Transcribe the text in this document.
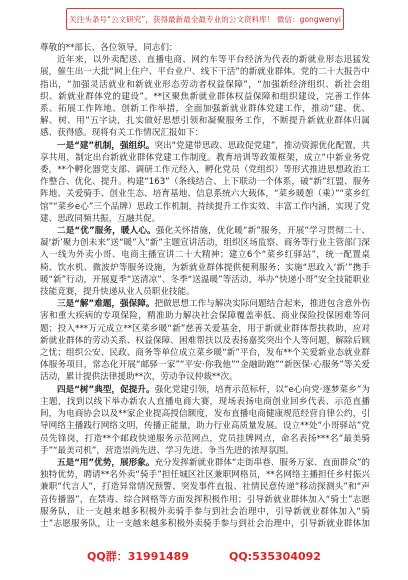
关注头条号“公文研究”，获得最新最全最专业的公文资料库！ 微信：gongwenyi

尊敬的**部长、各位领导，同志们：

近年来，以外卖配送、直播电商、网约车等平台经济为代表的新就业形态迅猛发展，催生出一大批“网上住户、平台业户、线下干活”的新就业群体。党的二十大报告中指出，“加强灵活就业和新就业形态劳动者权益保障”，“加强新经济组织、新社会组织、新就业群体党的建设”。**区聚焦新就业群体权益保障和组织建设，完善工作体系、拓展工作阵地、创新工作举措，全面加强新就业群体党建工作，推动“建、优、解、树、用”五字诀，扎实做好思想引领和凝聚服务工作，不断提升新就业群体归属感、获得感。现将有关工作情况汇报如下：

一是“建”机制，强组织。突出“党建带思政、思政促党建”，推动资源优化配置，共享共用，制定出台新就业群体党建工作制度。教育培训等政策框架，成立“中新业务党委，**个孵化器党支部、调研工作元经入，孵化党员（党组织）等形式推进思想政治工作整合、优化、提升。构建“163”（条线结合、上下联动一个体系，破“新”红盟、服务阵地、关爱骑手、创业生态、培育基地、信息系统六大载体，“菜乡暖憩（乘）”“菜乡红馆”“菜乡e心”三个品牌）思政工作机制，持续提升工作实效、丰富工作内涵，实现了党建、思政同频共振，互融共促。

二是“优”服务，暖人心。强化关怀措施，优化暖“新”服务，开展“学习贯彻二十、凝‘新’聚力创未来”送“暖”入“新”主题宣讲活动，组织区场监察、商务等行业主管部门深入一线为外卖小哥、电商主播宣讲二十大精神；建立6个“菜乡红驿站”，统一配置桌椅、饮水机、微波炉等服务设施，为新就业群体提供便利服务；实施“思政入‘新’”携手暖“新”行动，开展夏季“送清凉”、冬季“送温暖”等活动，举办“快递小哥”安全技能职业技能竞赛，提升快递从业人员职业技能。

三是“解”难题，强保障。把做思想工作与解决实际问题结合起来，推进包含意外伤害和重大疾病的专项保险，精准助力解决社会保障覆盖率低、商业保险投保困难等问题；投入***万元成立**区菜乡暖“新”慈善关爱基金，用于新就业群体帮扶救助，应对新就业群体的劳动关系、权益保障、困难帮扶以及表扬嘉奖突出个人等问题，解除后顾之忧；组织公安、民政、商务等单位成立菜乡暖“新”平台，发布**个关爱新业态就业群体服务项目，常态化开展“邮驿一家”“平安·你我他”“金融助跑”“新医保·心服务”等关爱活动，累计提供法律援助**次，劳动争议仲裁**次。

四是“树”典型，促提升。强化党建引领，培育示范标杆，以“e心向党·逐梦菜乡”为主题，找到以线下举办新农人直播电商大赛，现场表扬电商创业回乡代表、示范直播间，为电商协会以及**家企业提高授信额度，发布直播电商健康规范经营自律公约，引导网络主播践行网络文明，传播正能量，助力行业高质量发展。设立**处“小哥驿站”党员先锋岗，打造**个邮政快递服务示范网点，党员挂牌网点，命名表扬***名“最美骑手”“最美司机”，营造崇尚先进、学习先进、争当先进的浓厚氛围。

五是“用”优势，展形象。充分发挥新就业群体“走街串巷、服务万家、直面群众”的独特优势，聘请**名外卖“骑手”担任城区社区兼职网格员，**名网络主播担任乡村振兴兼职“代言人”，打造异常情况预警、突发事件直报、社情民意传递“移动探测头”和“声音传播器”，在禁毒、综合网格等方面发挥积极作用；引导新就业群体加入“骑士”志愿服务队，让一支越来越多积极外卖骑手参与到社会治理中，引导新就业群体加入“骑士”志愿服务队，让一支越来越多积极外卖骑手参与到社会治理中，引导新就业群体加

QQ群：31991489	QQ:535304092
